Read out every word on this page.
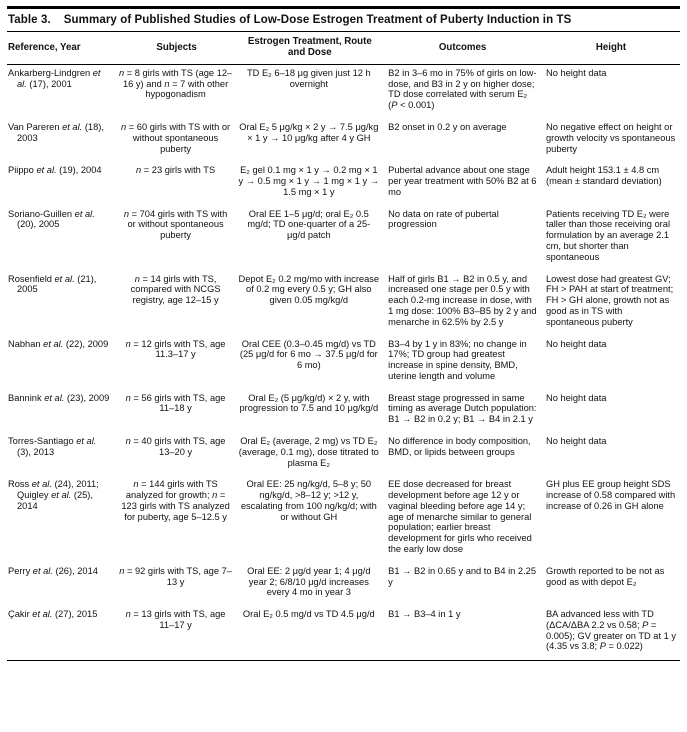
Table 3. Summary of Published Studies of Low-Dose Estrogen Treatment of Puberty Induction in TS
Reference, Year	Subjects	Estrogen Treatment, Route and Dose	Outcomes	Height
Ankarberg-Lindgren et al. (17), 2001	n = 8 girls with TS (age 12–16 y) and n = 7 with other hypogonadism	TD E₂ 6–18 μg given just 12 h overnight	B2 in 3–6 mo in 75% of girls on low-dose, and B3 in 2 y on higher dose; TD dose correlated with serum E₂ (P < 0.001)	No height data
Van Pareren et al. (18), 2003	n = 60 girls with TS with or without spontaneous puberty	Oral E₂ 5 μg/kg × 2 y → 7.5 μg/kg × 1 y → 10 μg/kg after 4 y GH	B2 onset in 0.2 y on average	No negative effect on height or growth velocity vs spontaneous puberty
Piippo et al. (19), 2004	n = 23 girls with TS	E₂ gel 0.1 mg × 1 y → 0.2 mg × 1 y → 0.5 mg × 1 y → 1 mg × 1 y → 1.5 mg × 1 y	Pubertal advance about one stage per year treatment with 50% B2 at 6 mo	Adult height 153.1 ± 4.8 cm (mean ± standard deviation)
Soriano-Guillen et al. (20), 2005	n = 704 girls with TS with or without spontaneous puberty	Oral EE 1–5 μg/d; oral E₂ 0.5 mg/d; TD one-quarter of a 25-μg/d patch	No data on rate of pubertal progression	Patients receiving TD E₂ were taller than those receiving oral formulation by an average 2.1 cm, but shorter than spontaneous
Rosenfield et al. (21), 2005	n = 14 girls with TS, compared with NCGS registry, age 12–15 y	Depot E₂ 0.2 mg/mo with increase of 0.2 mg every 0.5 y; GH also given 0.05 mg/kg/d	Half of girls B1 → B2 in 0.5 y, and increased one stage per 0.5 y with each 0.2-mg increase in dose, with 1 mg dose: 100% B3–B5 by 2 y and menarche in 62.5% by 2.5 y	Lowest dose had greatest GV; FH > PAH at start of treatment; FH > GH alone, growth not as good as in TS with spontaneous puberty
Nabhan et al. (22), 2009	n = 12 girls with TS, age 11.3–17 y	Oral CEE (0.3–0.45 mg/d) vs TD (25 μg/d for 6 mo → 37.5 μg/d for 6 mo)	B3–4 by 1 y in 83%; no change in 17%; TD group had greatest increase in spine density, BMD, uterine length and volume	No height data
Bannink et al. (23), 2009	n = 56 girls with TS, age 11–18 y	Oral E₂ (5 μg/kg/d) × 2 y, with progression to 7.5 and 10 μg/kg/d	Breast stage progressed in same timing as average Dutch population: B1 → B2 in 0.2 y; B1 → B4 in 2.1 y	No height data
Torres-Santiago et al. (3), 2013	n = 40 girls with TS, age 13–20 y	Oral E₂ (average, 2 mg) vs TD E₂ (average, 0.1 mg), dose titrated to plasma E₂	No difference in body composition, BMD, or lipids between groups	No height data
Ross et al. (24), 2011; Quigley et al. (25), 2014	n = 144 girls with TS analyzed for growth; n = 123 girls with TS analyzed for puberty, age 5–12.5 y	Oral EE: 25 ng/kg/d, 5–8 y; 50 ng/kg/d, >8–12 y; >12 y, escalating from 100 ng/kg/d; with or without GH	EE dose decreased for breast development before age 12 y or vaginal bleeding before age 14 y; age of menarche similar to general population; earlier breast development for girls who received the early low dose	GH plus EE group height SDS increase of 0.58 compared with increase of 0.26 in GH alone
Perry et al. (26), 2014	n = 92 girls with TS, age 7–13 y	Oral EE: 2 μg/d year 1; 4 μg/d year 2; 6/8/10 μg/d increases every 4 mo in year 3	B1 → B2 in 0.65 y and to B4 in 2.25 y	Growth reported to be not as good as with depot E₂
Çakir et al. (27), 2015	n = 13 girls with TS, age 11–17 y	Oral E₂ 0.5 mg/d vs TD 4.5 μg/d	B1 → B3–4 in 1 y	BA advanced less with TD (ΔCA/ΔBA 2.2 vs 0.58; P = 0.005); GV greater on TD at 1 y (4.35 vs 3.8; P = 0.022)
